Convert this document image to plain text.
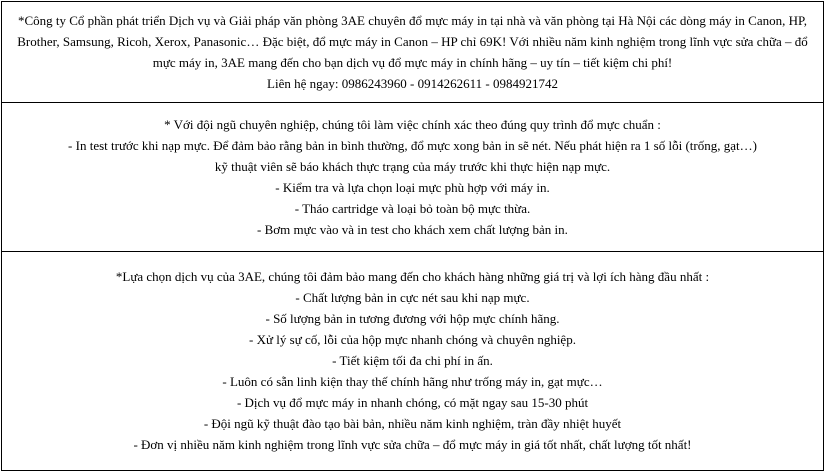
*Công ty Cổ phần phát triển Dịch vụ và Giải pháp văn phòng 3AE chuyên đổ mực máy in tại nhà và văn phòng tại Hà Nội các dòng máy in Canon, HP, Brother, Samsung, Ricoh, Xerox, Panasonic… Đặc biệt, đổ mực máy in Canon – HP chỉ 69K! Với nhiều năm kinh nghiệm trong lĩnh vực sửa chữa – đổ mực máy in, 3AE mang đến cho bạn dịch vụ đổ mực máy in chính hãng – uy tín – tiết kiệm chi phí!
Liên hệ ngay: 0986243960 - 0914262611 - 0984921742

* Với đội ngũ chuyên nghiệp, chúng tôi làm việc chính xác theo đúng quy trình đổ mực chuẩn :
- In test trước khi nạp mực. Để đảm bảo rằng bản in bình thường, đổ mực xong bản in sẽ nét. Nếu phát hiện ra 1 số lỗi (trống, gạt…)
kỹ thuật viên sẽ báo khách thực trạng của máy trước khi thực hiện nạp mực.
- Kiểm tra và lựa chọn loại mực phù hợp với máy in.
- Tháo cartridge và loại bỏ toàn bộ mực thừa.
- Bơm mực vào và in test cho khách xem chất lượng bản in.

*Lựa chọn dịch vụ của 3AE, chúng tôi đảm bảo mang đến cho khách hàng những giá trị và lợi ích hàng đầu nhất :
- Chất lượng bản in cực nét sau khi nạp mực.
- Số lượng bản in tương đương với hộp mực chính hãng.
- Xử lý sự cố, lỗi của hộp mực nhanh chóng và chuyên nghiệp.
- Tiết kiệm tối đa chi phí in ấn.
- Luôn có sẵn linh kiện thay thế chính hãng như trống máy in, gạt mực…
- Dịch vụ đổ mực máy in nhanh chóng, có mặt ngay sau 15-30 phút
- Đội ngũ kỹ thuật đào tạo bài bản, nhiều năm kinh nghiệm, tràn đầy nhiệt huyết
- Đơn vị nhiều năm kinh nghiệm trong lĩnh vực sửa chữa – đổ mực máy in giá tốt nhất, chất lượng tốt nhất!
